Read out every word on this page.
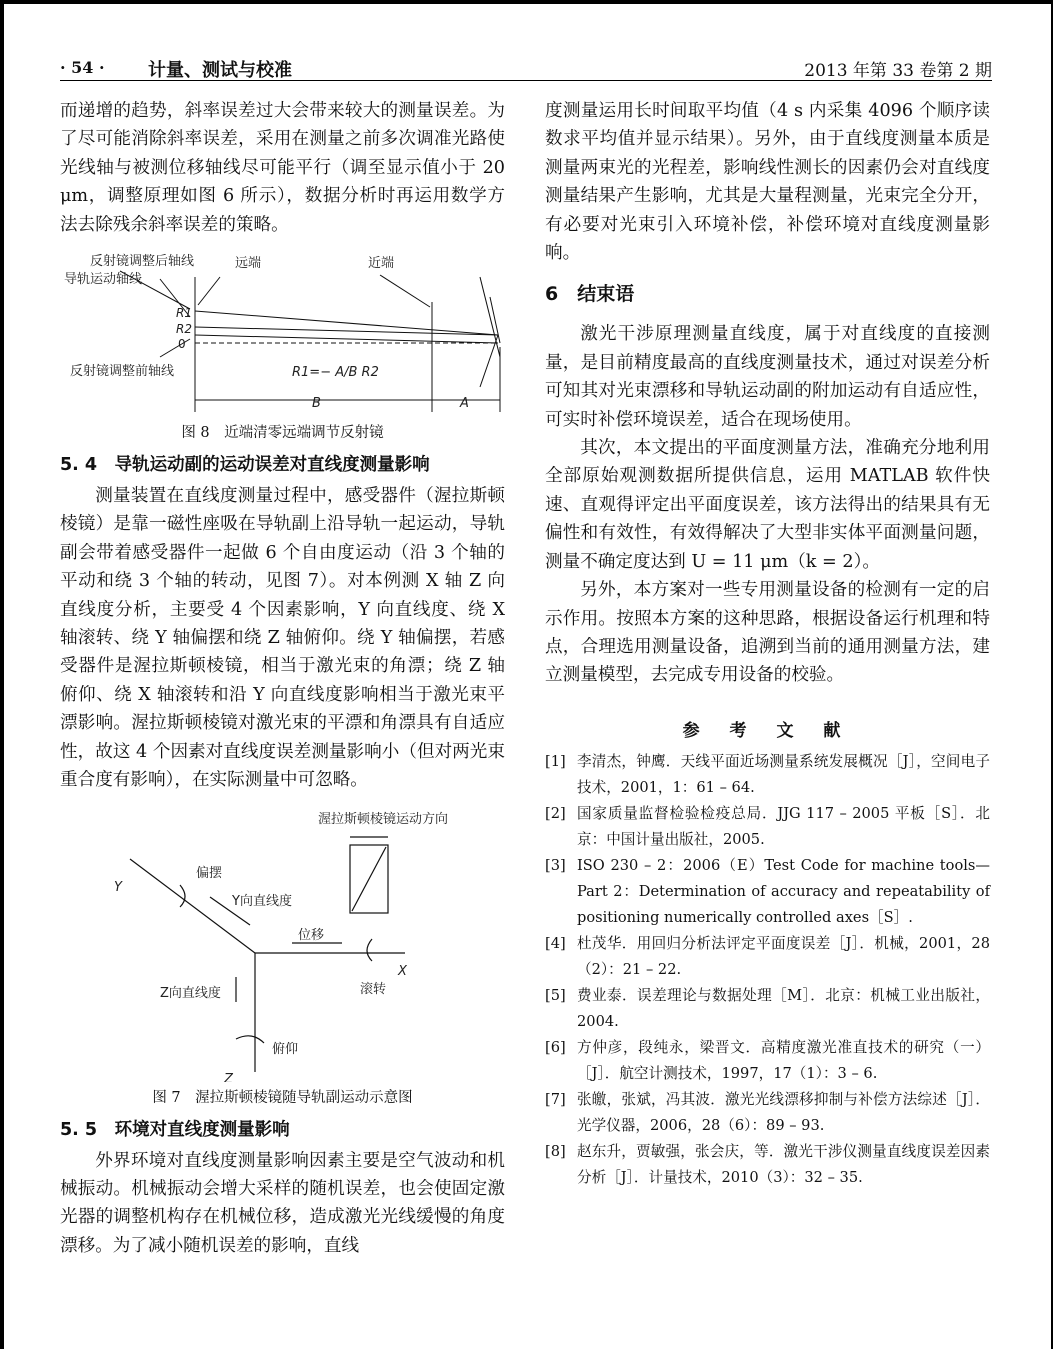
· 54 · 计量、测试与校准	2013 年第 33 卷第 2 期

而递增的趋势，斜率误差过大会带来较大的测量误差。为了尽可能消除斜率误差，采用在测量之前多次调准光路使光线轴与被测位移轴线尽可能平行（调至显示值小于 20 μm，调整原理如图 6 所示），数据分析时再运用数学方法去除残余斜率误差的策略。

反射镜调整后轴线
导轨运动轴线
远端	近端
反射镜调整前轴线
R1
R2
0
R1=− A/B R2
B	A
图 8　近端清零远端调节反射镜
5. 4　导轨运动副的运动误差对直线度测量影响

测量装置在直线度测量过程中，感受器件（渥拉斯顿棱镜）是靠一磁性座吸在导轨副上沿导轨一起运动，导轨副会带着感受器件一起做 6 个自由度运动（沿 3 个轴的平动和绕 3 个轴的转动，见图 7）。对本例测 X 轴 Z 向直线度分析，主要受 4 个因素影响，Y 向直线度、绕 X 轴滚转、绕 Y 轴偏摆和绕 Z 轴俯仰。绕 Y 轴偏摆，若感受器件是渥拉斯顿棱镜，相当于激光束的角漂；绕 Z 轴俯仰、绕 X 轴滚转和沿 Y 向直线度影响相当于激光束平漂影响。渥拉斯顿棱镜对激光束的平漂和角漂具有自适应性，故这 4 个因素对直线度误差测量影响小（但对两光束重合度有影响），在实际测量中可忽略。

渥拉斯顿棱镜运动方向
Y
偏摆
Y向直线度
位移
X
滚转
Z向直线度
俯仰
Z
图 7　渥拉斯顿棱镜随导轨副运动示意图
5. 5　环境对直线度测量影响

外界环境对直线度测量影响因素主要是空气波动和机械振动。机械振动会增大采样的随机误差，也会使固定激光器的调整机构存在机械位移，造成激光光线缓慢的角度漂移。为了减小随机误差的影响，直线

度测量运用长时间取平均值（4 s 内采集 4096 个顺序读数求平均值并显示结果）。另外，由于直线度测量本质是测量两束光的光程差，影响线性测长的因素仍会对直线度测量结果产生影响，尤其是大量程测量，光束完全分开，有必要对光束引入环境补偿，补偿环境对直线度测量影响。

6　结束语

激光干涉原理测量直线度，属于对直线度的直接测量，是目前精度最高的直线度测量技术，通过对误差分析可知其对光束漂移和导轨运动副的附加运动有自适应性，可实时补偿环境误差，适合在现场使用。

其次，本文提出的平面度测量方法，准确充分地利用全部原始观测数据所提供信息，运用 MATLAB 软件快速、直观得评定出平面度误差，该方法得出的结果具有无偏性和有效性，有效得解决了大型非实体平面测量问题，测量不确定度达到 U = 11 μm（k = 2）。

另外，本方案对一些专用测量设备的检测有一定的启示作用。按照本方案的这种思路，根据设备运行机理和特点，合理选用测量设备，追溯到当前的通用测量方法，建立测量模型，去完成专用设备的校验。

参 考 文 献
[1] 李清杰，钟鹰．天线平面近场测量系统发展概况［J］，空间电子技术，2001，1：61 – 64.
[2] 国家质量监督检验检疫总局．JJG 117 – 2005 平板［S］．北京：中国计量出版社，2005.
[3] ISO 230 – 2：2006（E）Test Code for machine tools—Part 2：Determination of accuracy and repeatability of positioning numerically controlled axes［S］.
[4] 杜茂华．用回归分析法评定平面度误差［J］．机械，2001，28（2）：21 – 22.
[5] 费业泰．误差理论与数据处理［M］．北京：机械工业出版社，2004.
[6] 方仲彦，段纯永，梁晋文．高精度激光准直技术的研究（一）［J］．航空计测技术，1997，17（1）：3 – 6.
[7] 张皦，张斌，冯其波．激光光线漂移抑制与补偿方法综述［J］．光学仪器，2006，28（6）：89 – 93.
[8] 赵东升，贾敏强，张会庆，等．激光干涉仪测量直线度误差因素分析［J］．计量技术，2010（3）：32 – 35.
